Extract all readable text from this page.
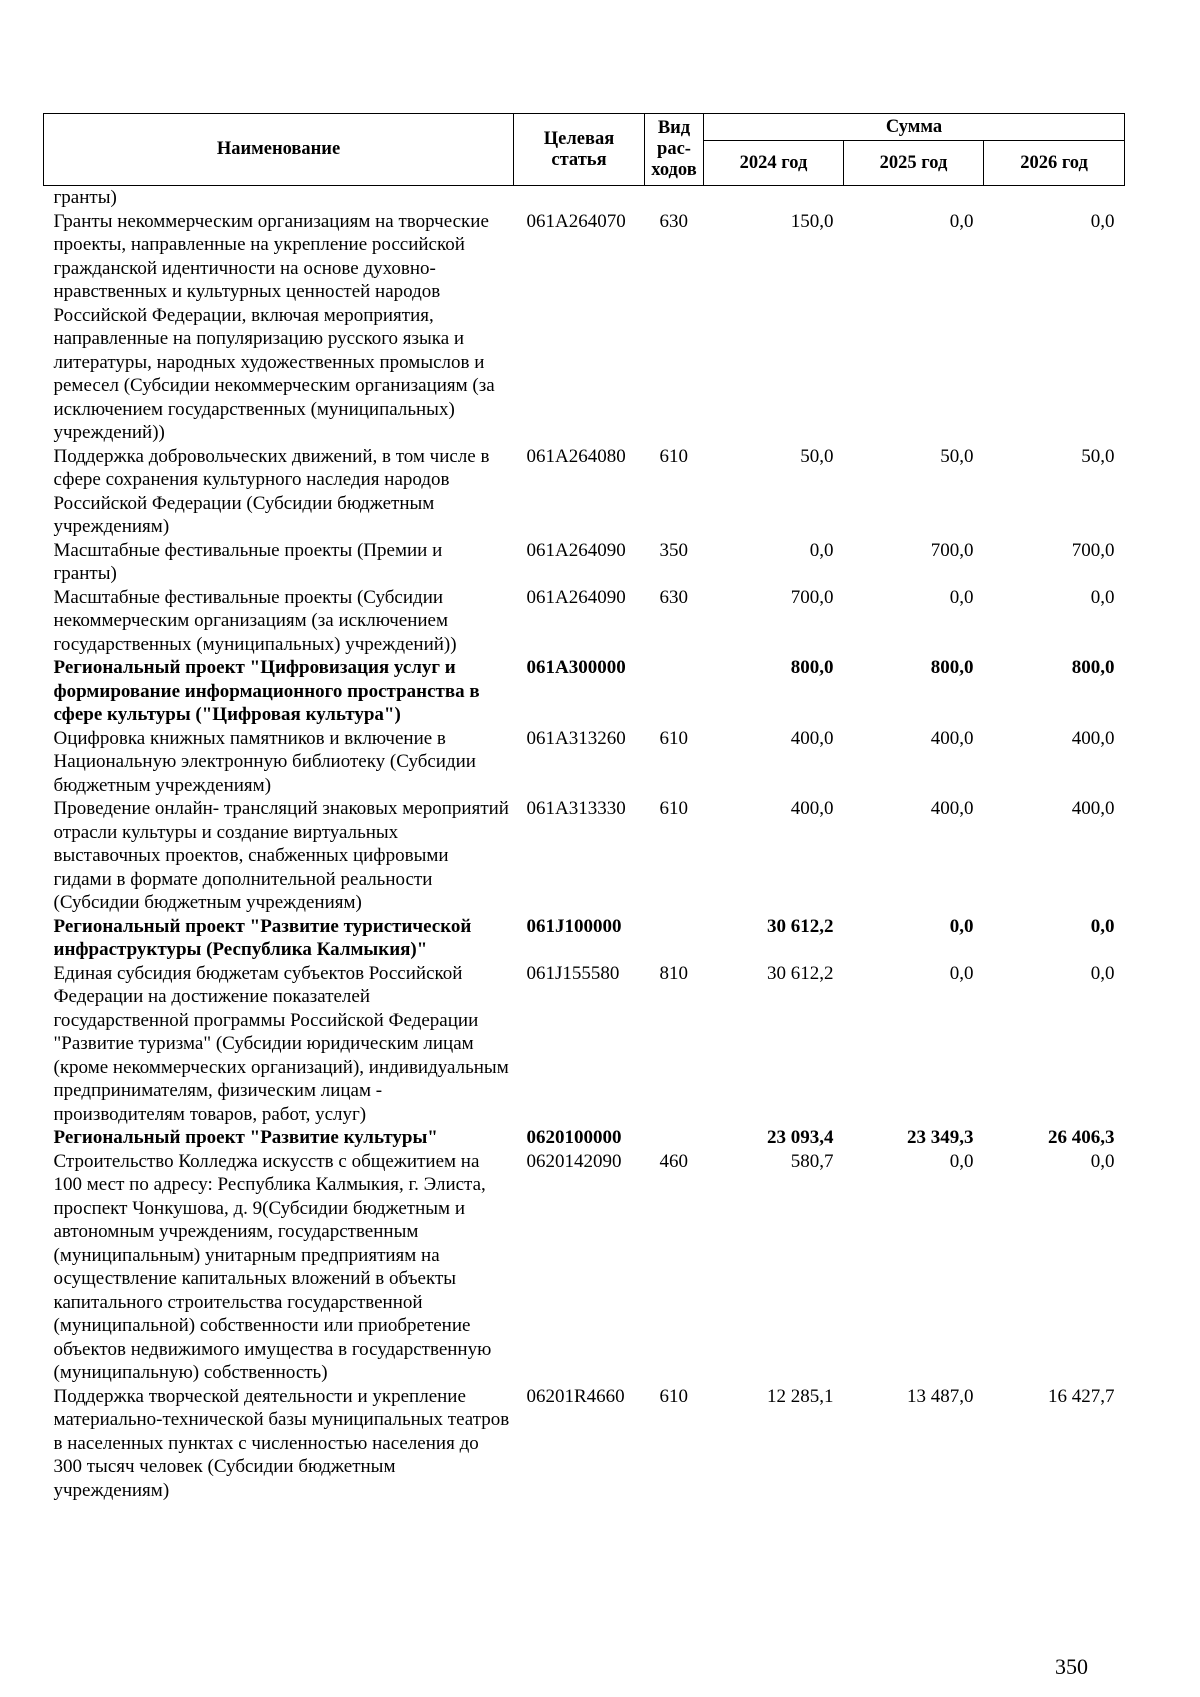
Наименование	Целевая статья	Вид рас-ходов	Сумма		
			2024 год	2025 год	2026 год
гранты)					
Гранты некоммерческим организациям на творческие проекты, направленные на укрепление российской гражданской идентичности на основе духовно-нравственных и культурных ценностей народов Российской Федерации, включая мероприятия, направленные на популяризацию русского языка и литературы, народных художественных промыслов и ремесел (Субсидии некоммерческим организациям (за исключением государственных (муниципальных) учреждений))	061A264070	630	150,0	0,0	0,0
Поддержка добровольческих движений, в том числе в сфере сохранения культурного наследия народов Российской Федерации (Субсидии бюджетным учреждениям)	061A264080	610	50,0	50,0	50,0
Масштабные фестивальные проекты (Премии и гранты)	061A264090	350	0,0	700,0	700,0
Масштабные фестивальные проекты (Субсидии некоммерческим организациям (за исключением государственных (муниципальных) учреждений))	061A264090	630	700,0	0,0	0,0
Региональный проект "Цифровизация услуг и формирование информационного пространства в сфере культуры ("Цифровая культура")	061A300000		800,0	800,0	800,0
Оцифровка книжных памятников и включение в Национальную электронную библиотеку (Субсидии бюджетным учреждениям)	061A313260	610	400,0	400,0	400,0
Проведение онлайн- трансляций знаковых мероприятий отрасли культуры и создание виртуальных выставочных проектов, снабженных цифровыми гидами в формате дополнительной реальности (Субсидии бюджетным учреждениям)	061A313330	610	400,0	400,0	400,0
Региональный проект "Развитие туристической инфраструктуры (Республика Калмыкия)"	061J100000		30 612,2	0,0	0,0
Единая субсидия бюджетам субъектов Российской Федерации на достижение показателей государственной программы Российской Федерации "Развитие туризма" (Субсидии юридическим лицам (кроме некоммерческих организаций), индивидуальным предпринимателям, физическим лицам - производителям товаров, работ, услуг)	061J155580	810	30 612,2	0,0	0,0
Региональный проект "Развитие культуры"	0620100000		23 093,4	23 349,3	26 406,3
Строительство Колледжа искусств с общежитием на 100 мест по адресу: Республика Калмыкия, г. Элиста, проспект Чонкушова, д. 9(Субсидии бюджетным и автономным учреждениям, государственным (муниципальным) унитарным предприятиям на осуществление капитальных вложений в объекты капитального строительства государственной (муниципальной) собственности или приобретение объектов недвижимого имущества в государственную (муниципальную) собственность)	0620142090	460	580,7	0,0	0,0
Поддержка творческой деятельности и укрепление материально-технической базы муниципальных театров в населенных пунктах с численностью населения до 300 тысяч человек (Субсидии бюджетным учреждениям)	06201R4660	610	12 285,1	13 487,0	16 427,7
350
